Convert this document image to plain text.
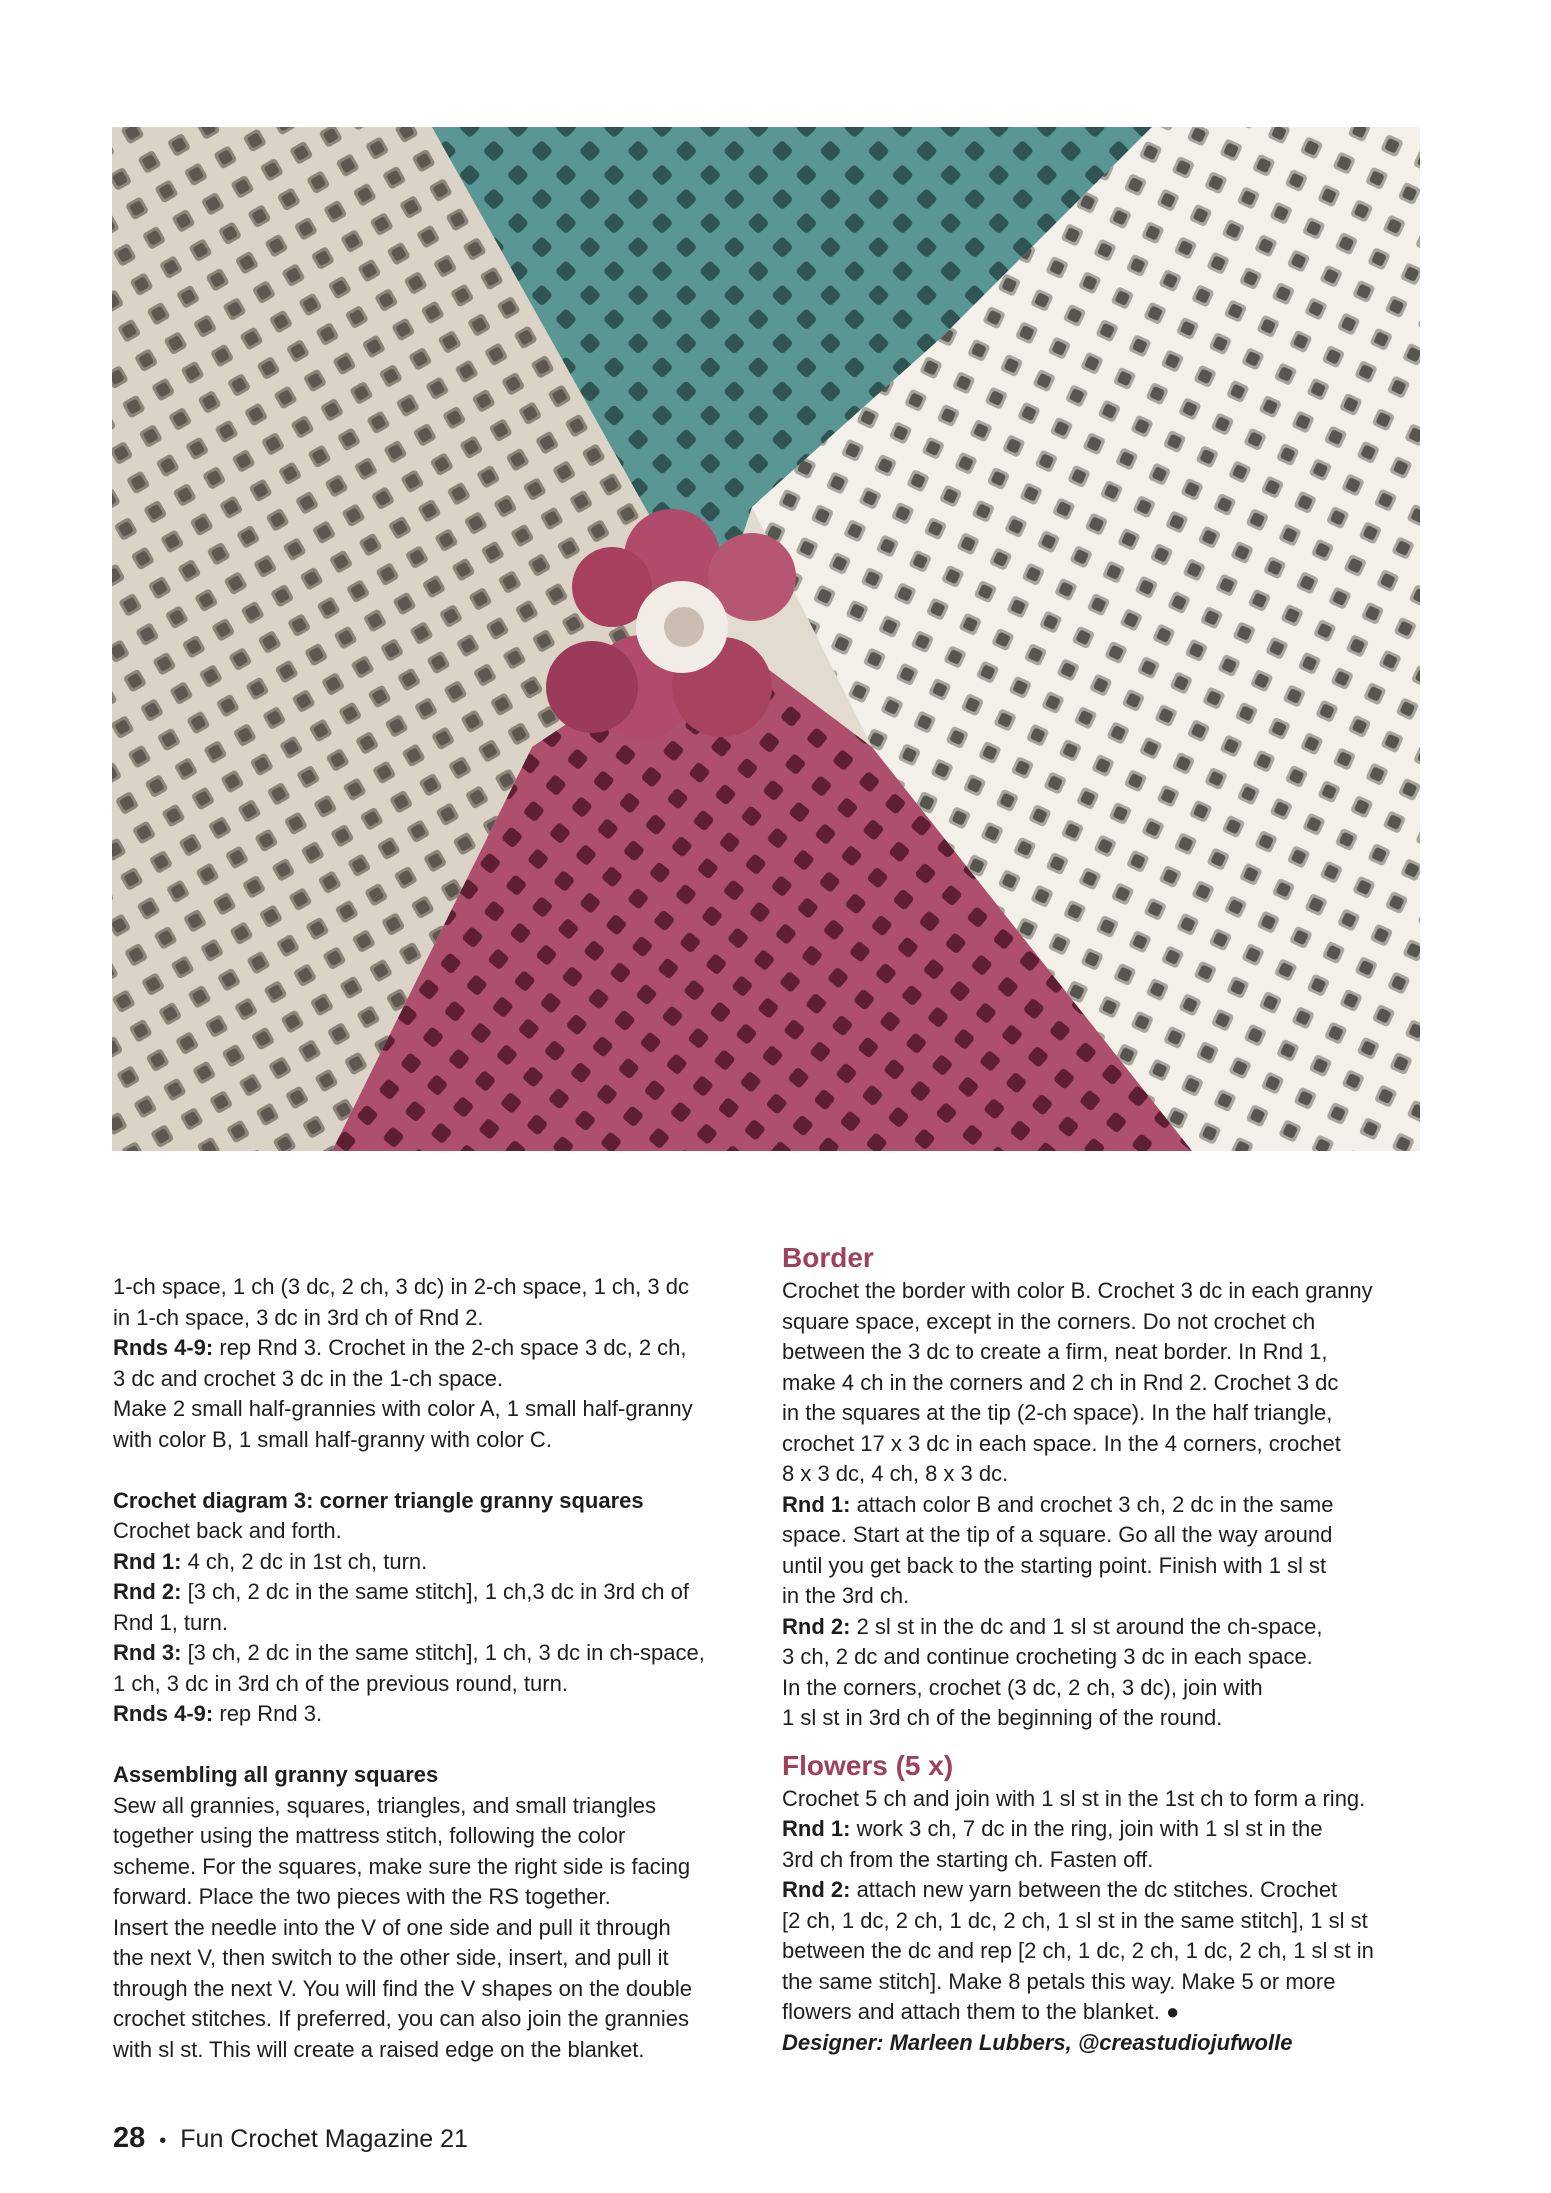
1-ch space, 1 ch (3 dc, 2 ch, 3 dc) in 2-ch space, 1 ch, 3 dc
in 1-ch space, 3 dc in 3rd ch of Rnd 2.
Rnds 4-9: rep Rnd 3. Crochet in the 2-ch space 3 dc, 2 ch,
3 dc and crochet 3 dc in the 1-ch space.
Make 2 small half-grannies with color A, 1 small half-granny
with color B, 1 small half-granny with color C.
Crochet diagram 3: corner triangle granny squares
Crochet back and forth.
Rnd 1: 4 ch, 2 dc in 1st ch, turn.
Rnd 2: [3 ch, 2 dc in the same stitch], 1 ch,3 dc in 3rd ch of
Rnd 1, turn.
Rnd 3: [3 ch, 2 dc in the same stitch], 1 ch, 3 dc in ch-space,
1 ch, 3 dc in 3rd ch of the previous round, turn.
Rnds 4-9: rep Rnd 3.
Assembling all granny squares
Sew all grannies, squares, triangles, and small triangles
together using the mattress stitch, following the color
scheme. For the squares, make sure the right side is facing
forward. Place the two pieces with the RS together.
Insert the needle into the V of one side and pull it through
the next V, then switch to the other side, insert, and pull it
through the next V. You will find the V shapes on the double
crochet stitches. If preferred, you can also join the grannies
with sl st. This will create a raised edge on the blanket.
Border
Crochet the border with color B. Crochet 3 dc in each granny
square space, except in the corners. Do not crochet ch
between the 3 dc to create a firm, neat border. In Rnd 1,
make 4 ch in the corners and 2 ch in Rnd 2. Crochet 3 dc
in the squares at the tip (2-ch space). In the half triangle,
crochet 17 x 3 dc in each space. In the 4 corners, crochet
8 x 3 dc, 4 ch, 8 x 3 dc.
Rnd 1: attach color B and crochet 3 ch, 2 dc in the same
space. Start at the tip of a square. Go all the way around
until you get back to the starting point. Finish with 1 sl st
in the 3rd ch.
Rnd 2: 2 sl st in the dc and 1 sl st around the ch-space,
3 ch, 2 dc and continue crocheting 3 dc in each space.
In the corners, crochet (3 dc, 2 ch, 3 dc), join with
1 sl st in 3rd ch of the beginning of the round.
Flowers (5 x)
Crochet 5 ch and join with 1 sl st in the 1st ch to form a ring.
Rnd 1: work 3 ch, 7 dc in the ring, join with 1 sl st in the
3rd ch from the starting ch. Fasten off.
Rnd 2: attach new yarn between the dc stitches. Crochet
[2 ch, 1 dc, 2 ch, 1 dc, 2 ch, 1 sl st in the same stitch], 1 sl st
between the dc and rep [2 ch, 1 dc, 2 ch, 1 dc, 2 ch, 1 sl st in
the same stitch]. Make 8 petals this way. Make 5 or more
flowers and attach them to the blanket. ●
Designer: Marleen Lubbers, @creastudiojufwolle
28 • Fun Crochet Magazine 21
